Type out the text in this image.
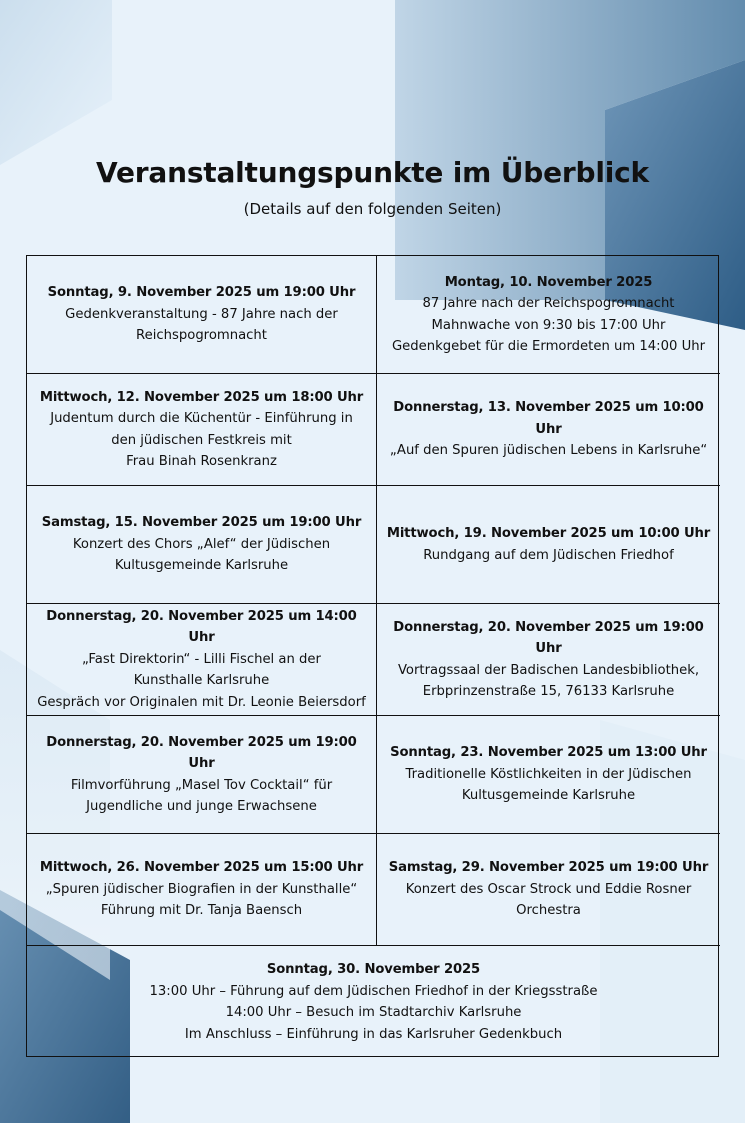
Veranstaltungspunkte im Überblick
(Details auf den folgenden Seiten)
Sonntag, 9. November 2025 um 19:00 Uhr
Gedenkveranstaltung - 87 Jahre nach der
Reichspogromnacht
Montag, 10. November 2025
87 Jahre nach der Reichspogromnacht
Mahnwache von 9:30 bis 17:00 Uhr
Gedenkgebet für die Ermordeten um 14:00 Uhr
Mittwoch, 12. November 2025 um 18:00 Uhr
Judentum durch die Küchentür - Einführung in
den jüdischen Festkreis mit
Frau Binah Rosenkranz
Donnerstag, 13. November 2025 um 10:00 Uhr
„Auf den Spuren jüdischen Lebens in Karlsruhe“
Samstag, 15. November 2025 um 19:00 Uhr
Konzert des Chors „Alef“ der Jüdischen
Kultusgemeinde Karlsruhe
Mittwoch, 19. November 2025 um 10:00 Uhr
Rundgang auf dem Jüdischen Friedhof
Donnerstag, 20. November 2025 um 14:00 Uhr
„Fast Direktorin“ - Lilli Fischel an der
Kunsthalle Karlsruhe
Gespräch vor Originalen mit Dr. Leonie Beiersdorf
Donnerstag, 20. November 2025 um 19:00 Uhr
Vortragssaal der Badischen Landesbibliothek,
Erbprinzenstraße 15, 76133 Karlsruhe
Donnerstag, 20. November 2025 um 19:00 Uhr
Filmvorführung „Masel Tov Cocktail“ für
Jugendliche und junge Erwachsene
Sonntag, 23. November 2025 um 13:00 Uhr
Traditionelle Köstlichkeiten in der Jüdischen
Kultusgemeinde Karlsruhe
Mittwoch, 26. November 2025 um 15:00 Uhr
„Spuren jüdischer Biografien in der Kunsthalle“
Führung mit Dr. Tanja Baensch
Samstag, 29. November 2025 um 19:00 Uhr
Konzert des Oscar Strock und Eddie Rosner
Orchestra
Sonntag, 30. November 2025
13:00 Uhr – Führung auf dem Jüdischen Friedhof in der Kriegsstraße
14:00 Uhr – Besuch im Stadtarchiv Karlsruhe
Im Anschluss – Einführung in das Karlsruher Gedenkbuch
